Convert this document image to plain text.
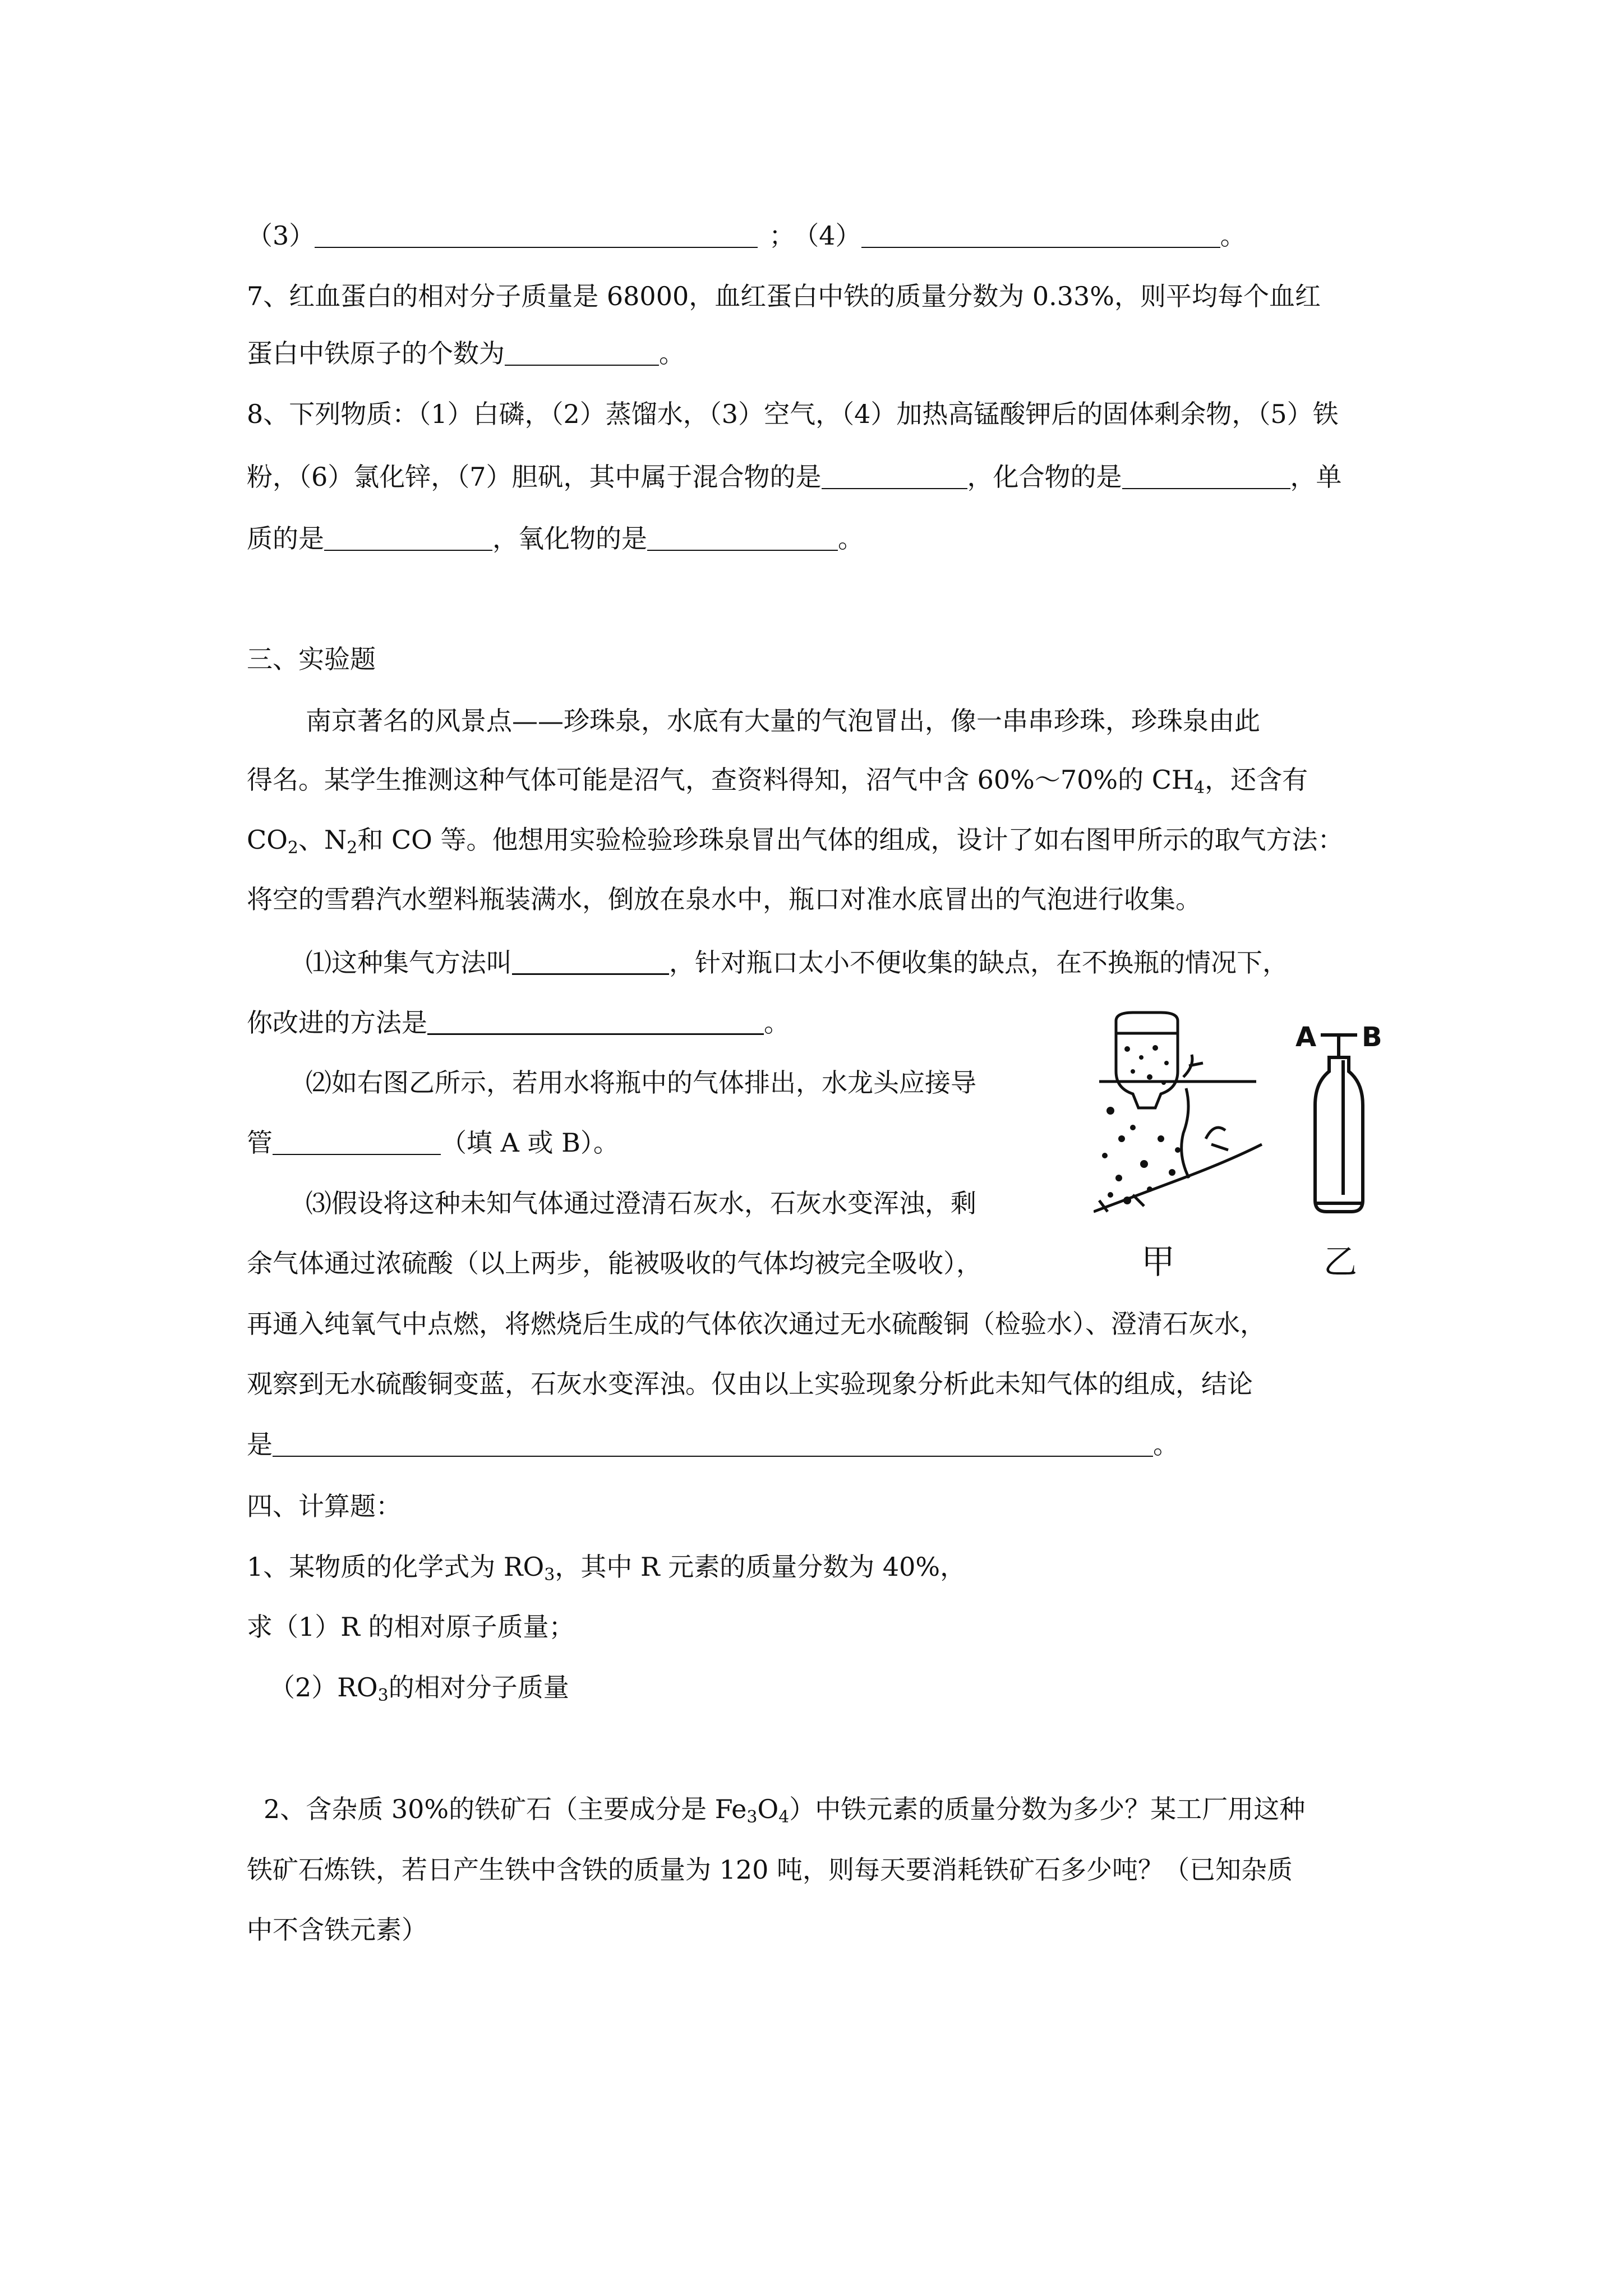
（3）	； （4）	。
7、红血蛋白的相对分子质量是 68000，血红蛋白中铁的质量分数为 0.33%，则平均每个血红
蛋白中铁原子的个数为	。
8、下列物质：（1）白磷，（2）蒸馏水，（3）空气，（4）加热高锰酸钾后的固体剩余物，（5）铁
粉，（6）氯化锌，（7）胆矾，其中属于混合物的是	，化合物的是	，单
质的是	，氧化物的是	。
三、实验题
南京著名的风景点——珍珠泉，水底有大量的气泡冒出，像一串串珍珠，珍珠泉由此
得名。某学生推测这种气体可能是沼气，查资料得知，沼气中含 60%～70%的 $CH_4$，还含有
$CO_2$、$N_2$和 CO 等。他想用实验检验珍珠泉冒出气体的组成，设计了如右图甲所示的取气方法：
将空的雪碧汽水塑料瓶装满水，倒放在泉水中，瓶口对准水底冒出的气泡进行收集。
⑴这种集气方法叫	，针对瓶口太小不便收集的缺点，在不换瓶的情况下，
你改进的方法是	。
⑵如右图乙所示，若用水将瓶中的气体排出，水龙头应接导
管	（填 A 或 B）。
⑶假设将这种未知气体通过澄清石灰水，石灰水变浑浊，剩
余气体通过浓硫酸（以上两步，能被吸收的气体均被完全吸收），
再通入纯氧气中点燃，将燃烧后生成的气体依次通过无水硫酸铜（检验水）、澄清石灰水，
观察到无水硫酸铜变蓝，石灰水变浑浊。仅由以上实验现象分析此未知气体的组成，结论
是	。
甲
A B
乙
四、计算题：
1、某物质的化学式为 $RO_3$，其中 R 元素的质量分数为 40%，
求（1）R 的相对原子质量；
$(2)RO_3$的相对分子质量
2、含杂质 30%的铁矿石（主要成分是 $Fe_3O_4$）中铁元素的质量分数为多少？某工厂用这种
铁矿石炼铁，若日产生铁中含铁的质量为 120 吨，则每天要消耗铁矿石多少吨？（已知杂质
中不含铁元素）
